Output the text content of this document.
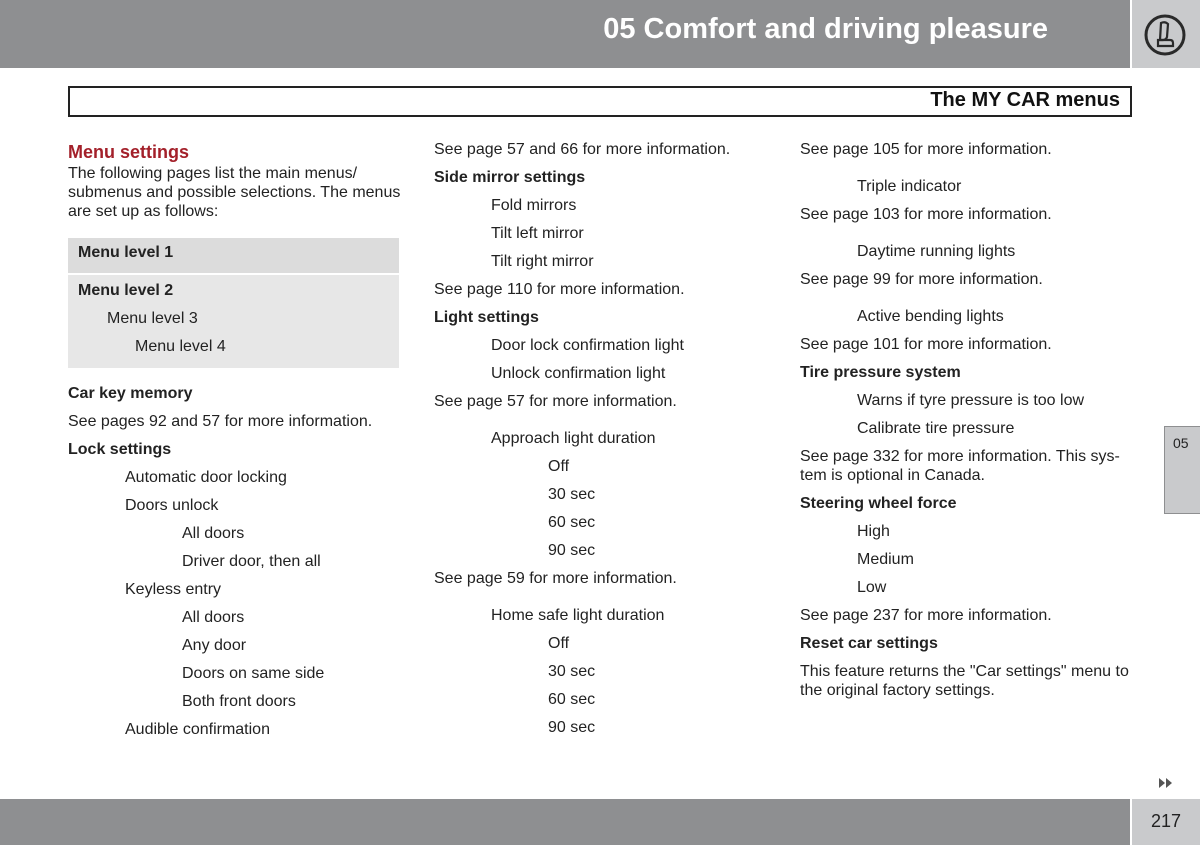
05 Comfort and driving pleasure
The MY CAR menus
Menu settings
The following pages list the main menus/ submenus and possible selections. The menus are set up as follows:
Menu level 1
Menu level 2
Menu level 3
Menu level 4
Car key memory
See pages 92 and 57 for more information.
Lock settings
Automatic door locking
Doors unlock
All doors
Driver door, then all
Keyless entry
All doors
Any door
Doors on same side
Both front doors
Audible confirmation
See page 57 and 66 for more information.
Side mirror settings
Fold mirrors
Tilt left mirror
Tilt right mirror
See page 110 for more information.
Light settings
Door lock confirmation light
Unlock confirmation light
See page 57 for more information.
Approach light duration
Off
30 sec
60 sec
90 sec
See page 59 for more information.
Home safe light duration
Off
30 sec
60 sec
90 sec
See page 105 for more information.
Triple indicator
See page 103 for more information.
Daytime running lights
See page 99 for more information.
Active bending lights
See page 101 for more information.
Tire pressure system
Warns if tyre pressure is too low
Calibrate tire pressure
See page 332 for more information. This sys- tem is optional in Canada.
Steering wheel force
High
Medium
Low
See page 237 for more information.
Reset car settings
This feature returns the "Car settings" menu to the original factory settings.
05
217
